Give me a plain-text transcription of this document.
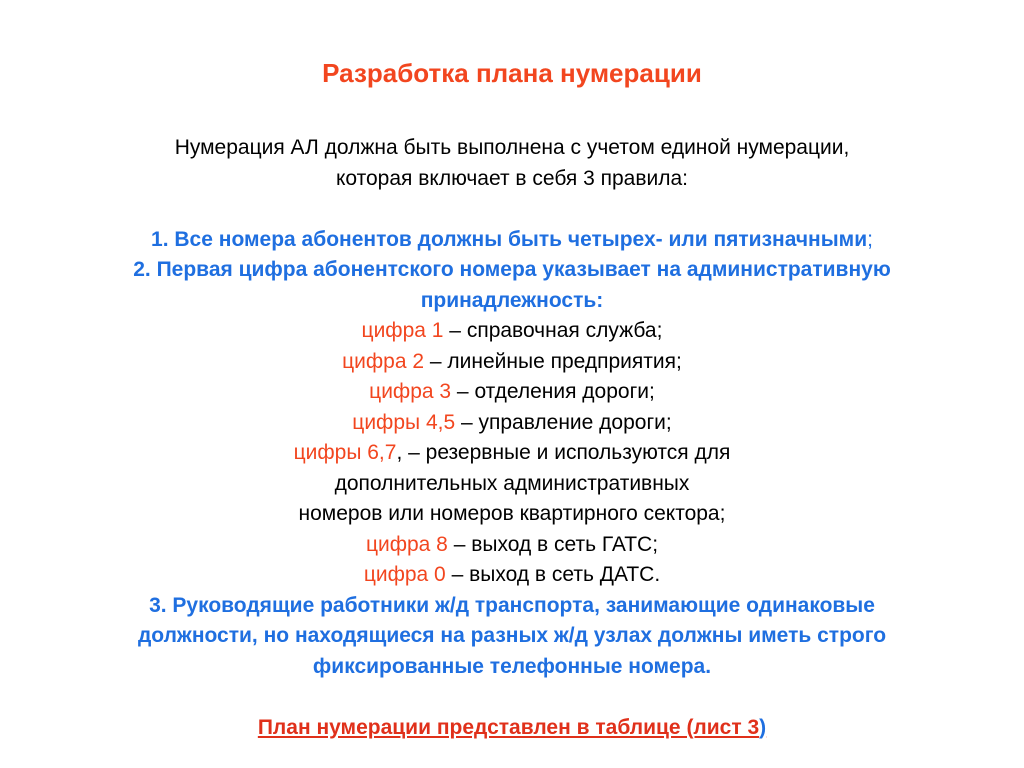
Разработка плана нумерации
Нумерация АЛ должна быть выполнена с учетом единой нумерации,
которая включает в себя 3 правила:
1. Все номера абонентов должны быть четырех- или пятизначными;
2. Первая цифра абонентского номера указывает на административную
принадлежность:
цифра 1 – справочная служба;
цифра 2 – линейные предприятия;
цифра 3 – отделения дороги;
цифры 4,5 – управление дороги;
цифры 6,7, – резервные и используются для
дополнительных административных
номеров или номеров квартирного сектора;
цифра 8 – выход в сеть ГАТС;
цифра 0 – выход в сеть ДАТС.
3. Руководящие работники ж/д транспорта, занимающие одинаковые
должности, но находящиеся на разных ж/д узлах должны иметь строго
фиксированные телефонные номера.
План нумерации представлен в таблице (лист 3)
